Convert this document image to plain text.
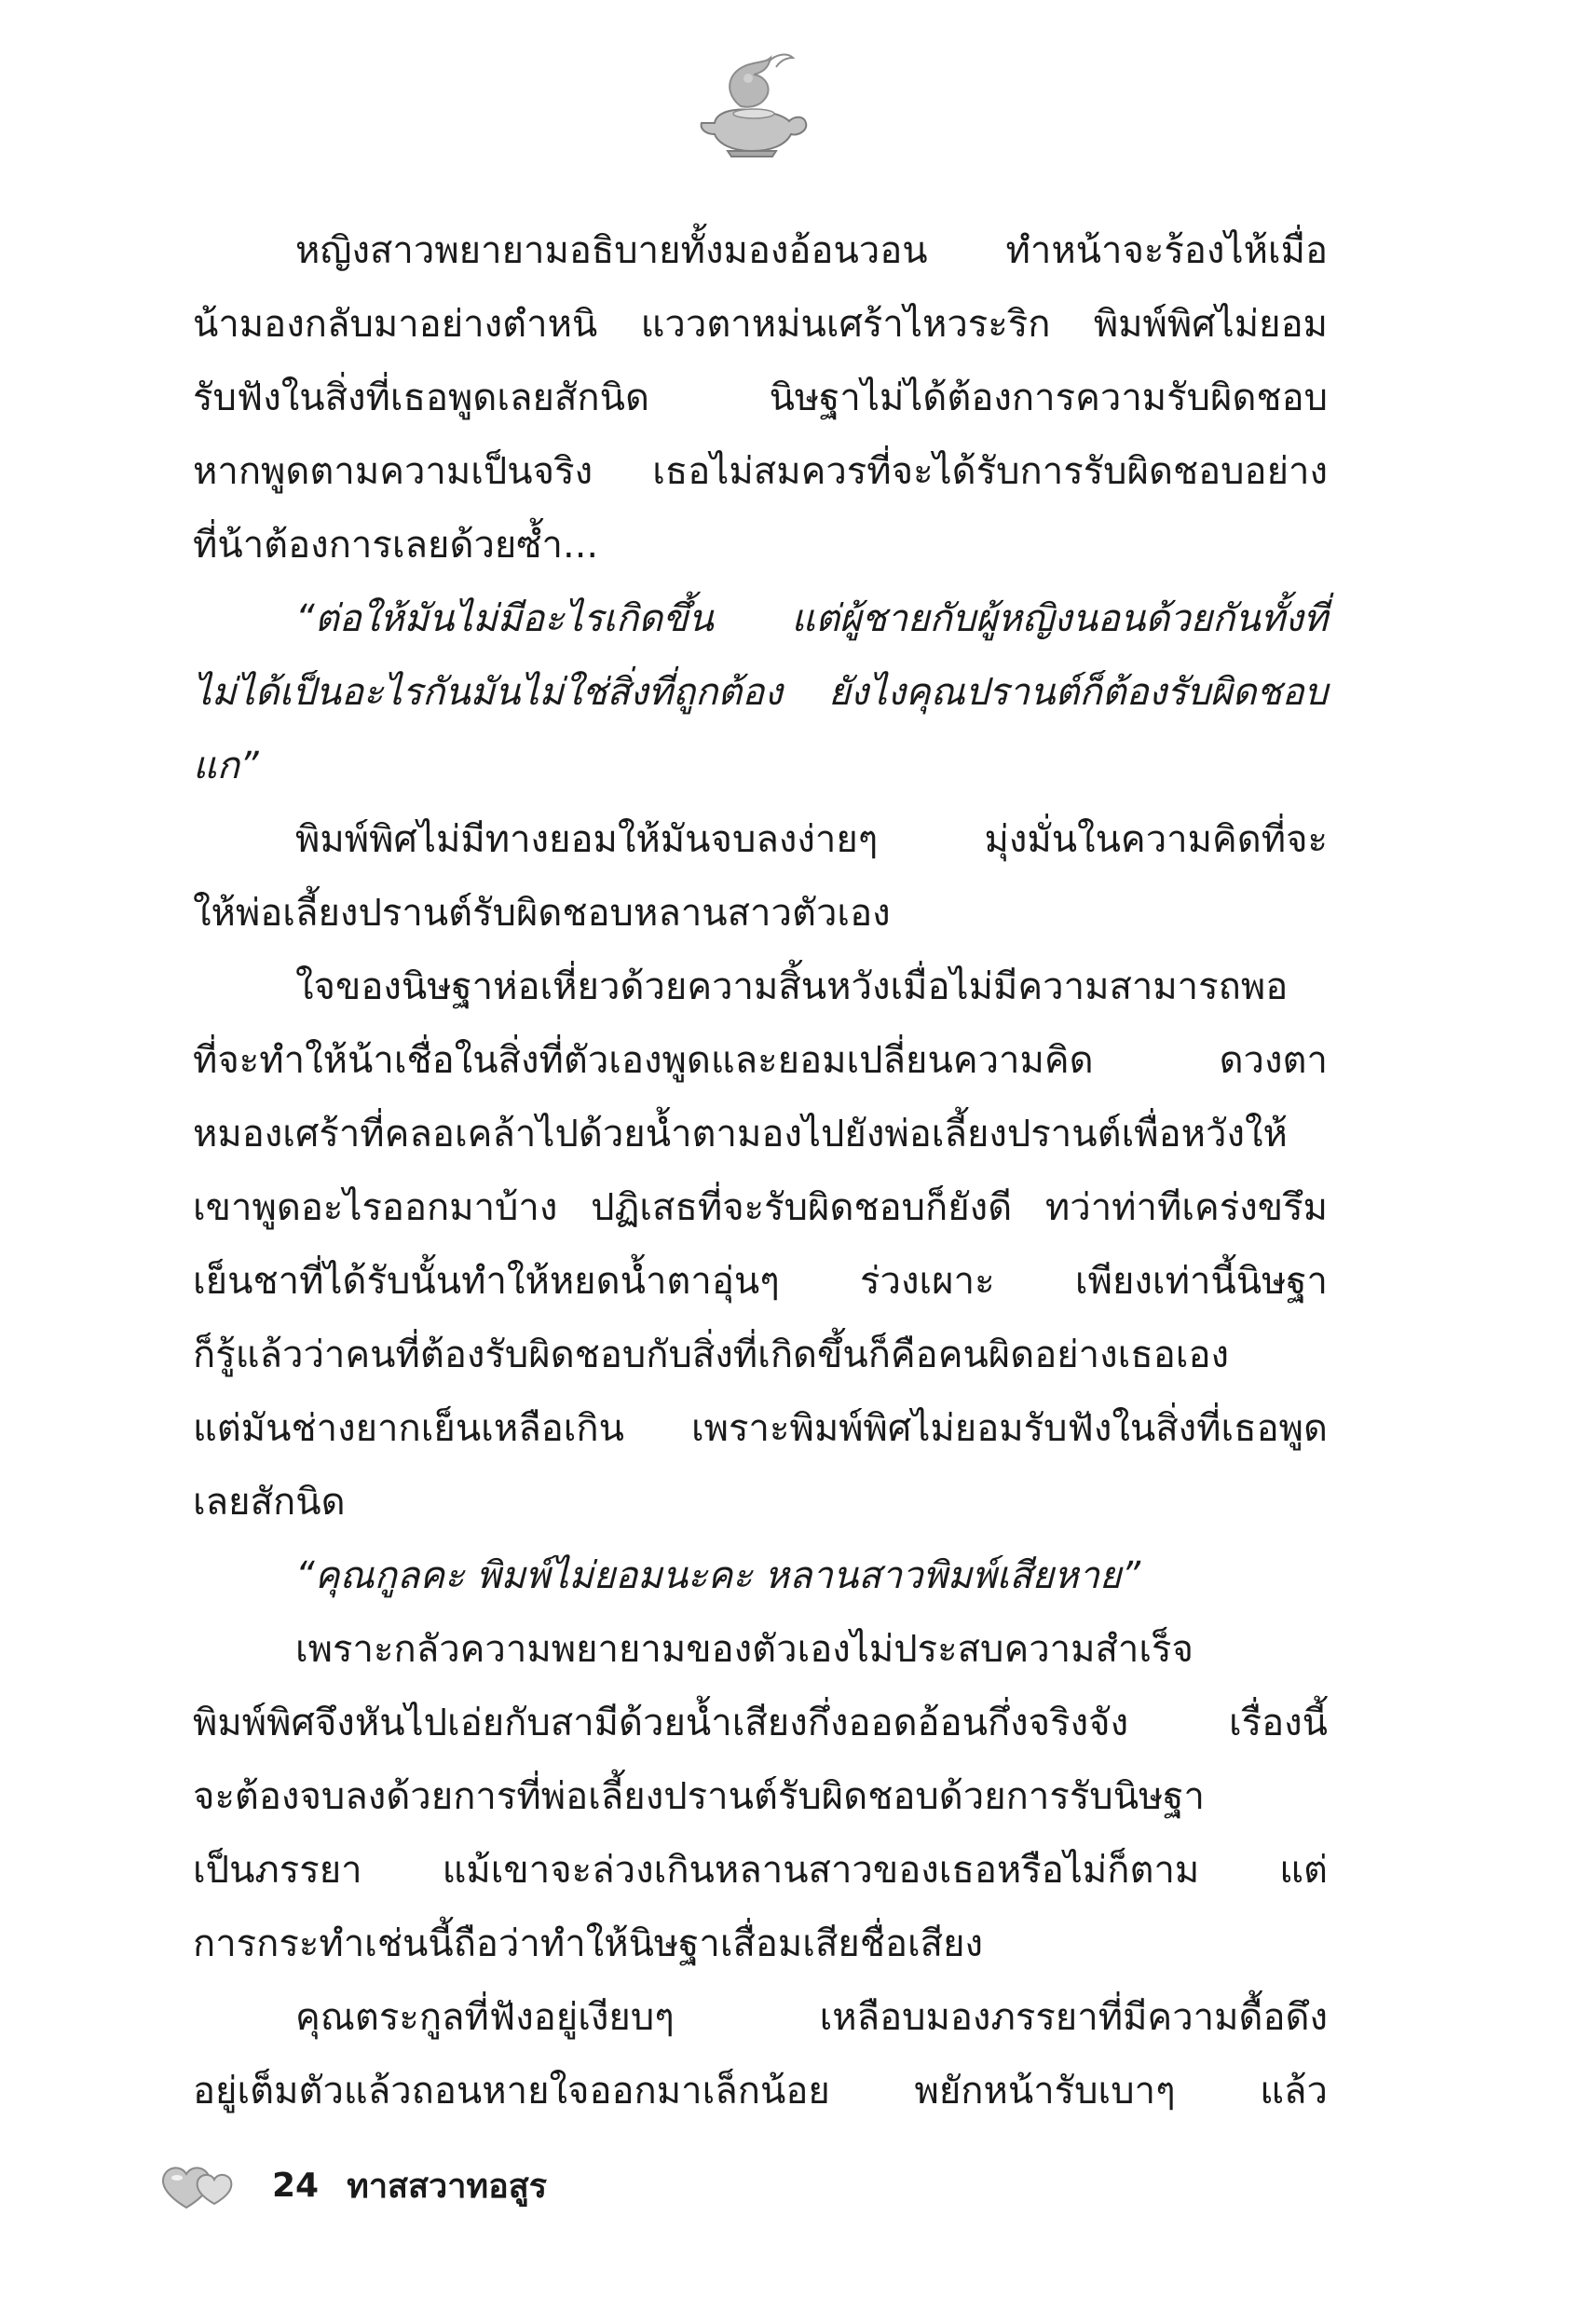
หญิงสาวพยายามอธิบายทั้งมองอ้อนวอน ทำหน้าจะร้องไห้เมื่อ
น้ามองกลับมาอย่างตำหนิ แววตาหม่นเศร้าไหวระริก พิมพ์พิศไม่ยอม
รับฟังในสิ่งที่เธอพูดเลยสักนิด นิษฐาไม่ได้ต้องการความรับผิดชอบ
หากพูดตามความเป็นจริง เธอไม่สมควรที่จะได้รับการรับผิดชอบอย่าง
ที่น้าต้องการเลยด้วยซ้ำ...
“ต่อให้มันไม่มีอะไรเกิดขึ้น แต่ผู้ชายกับผู้หญิงนอนด้วยกันทั้งที่
ไม่ได้เป็นอะไรกันมันไม่ใช่สิ่งที่ถูกต้อง ยังไงคุณปรานต์ก็ต้องรับผิดชอบ
แก”
พิมพ์พิศไม่มีทางยอมให้มันจบลงง่ายๆ มุ่งมั่นในความคิดที่จะ
ให้พ่อเลี้ยงปรานต์รับผิดชอบหลานสาวตัวเอง
ใจของนิษฐาห่อเหี่ยวด้วยความสิ้นหวังเมื่อไม่มีความสามารถพอ
ที่จะทำให้น้าเชื่อในสิ่งที่ตัวเองพูดและยอมเปลี่ยนความคิด ดวงตา
หมองเศร้าที่คลอเคล้าไปด้วยน้ำตามองไปยังพ่อเลี้ยงปรานต์เพื่อหวังให้
เขาพูดอะไรออกมาบ้าง ปฏิเสธที่จะรับผิดชอบก็ยังดี ทว่าท่าทีเคร่งขรึม
เย็นชาที่ได้รับนั้นทำให้หยดน้ำตาอุ่นๆ ร่วงเผาะ เพียงเท่านี้นิษฐา
ก็รู้แล้วว่าคนที่ต้องรับผิดชอบกับสิ่งที่เกิดขึ้นก็คือคนผิดอย่างเธอเอง
แต่มันช่างยากเย็นเหลือเกิน เพราะพิมพ์พิศไม่ยอมรับฟังในสิ่งที่เธอพูด
เลยสักนิด
“คุณกูลคะ พิมพ์ไม่ยอมนะคะ หลานสาวพิมพ์เสียหาย”
เพราะกลัวความพยายามของตัวเองไม่ประสบความสำเร็จ
พิมพ์พิศจึงหันไปเอ่ยกับสามีด้วยน้ำเสียงกึ่งออดอ้อนกึ่งจริงจัง เรื่องนี้
จะต้องจบลงด้วยการที่พ่อเลี้ยงปรานต์รับผิดชอบด้วยการรับนิษฐา
เป็นภรรยา แม้เขาจะล่วงเกินหลานสาวของเธอหรือไม่ก็ตาม แต่
การกระทำเช่นนี้ถือว่าทำให้นิษฐาเสื่อมเสียชื่อเสียง
คุณตระกูลที่ฟังอยู่เงียบๆ เหลือบมองภรรยาที่มีความดื้อดึง
อยู่เต็มตัวแล้วถอนหายใจออกมาเล็กน้อย พยักหน้ารับเบาๆ แล้ว
24 ทาสสวาทอสูร
